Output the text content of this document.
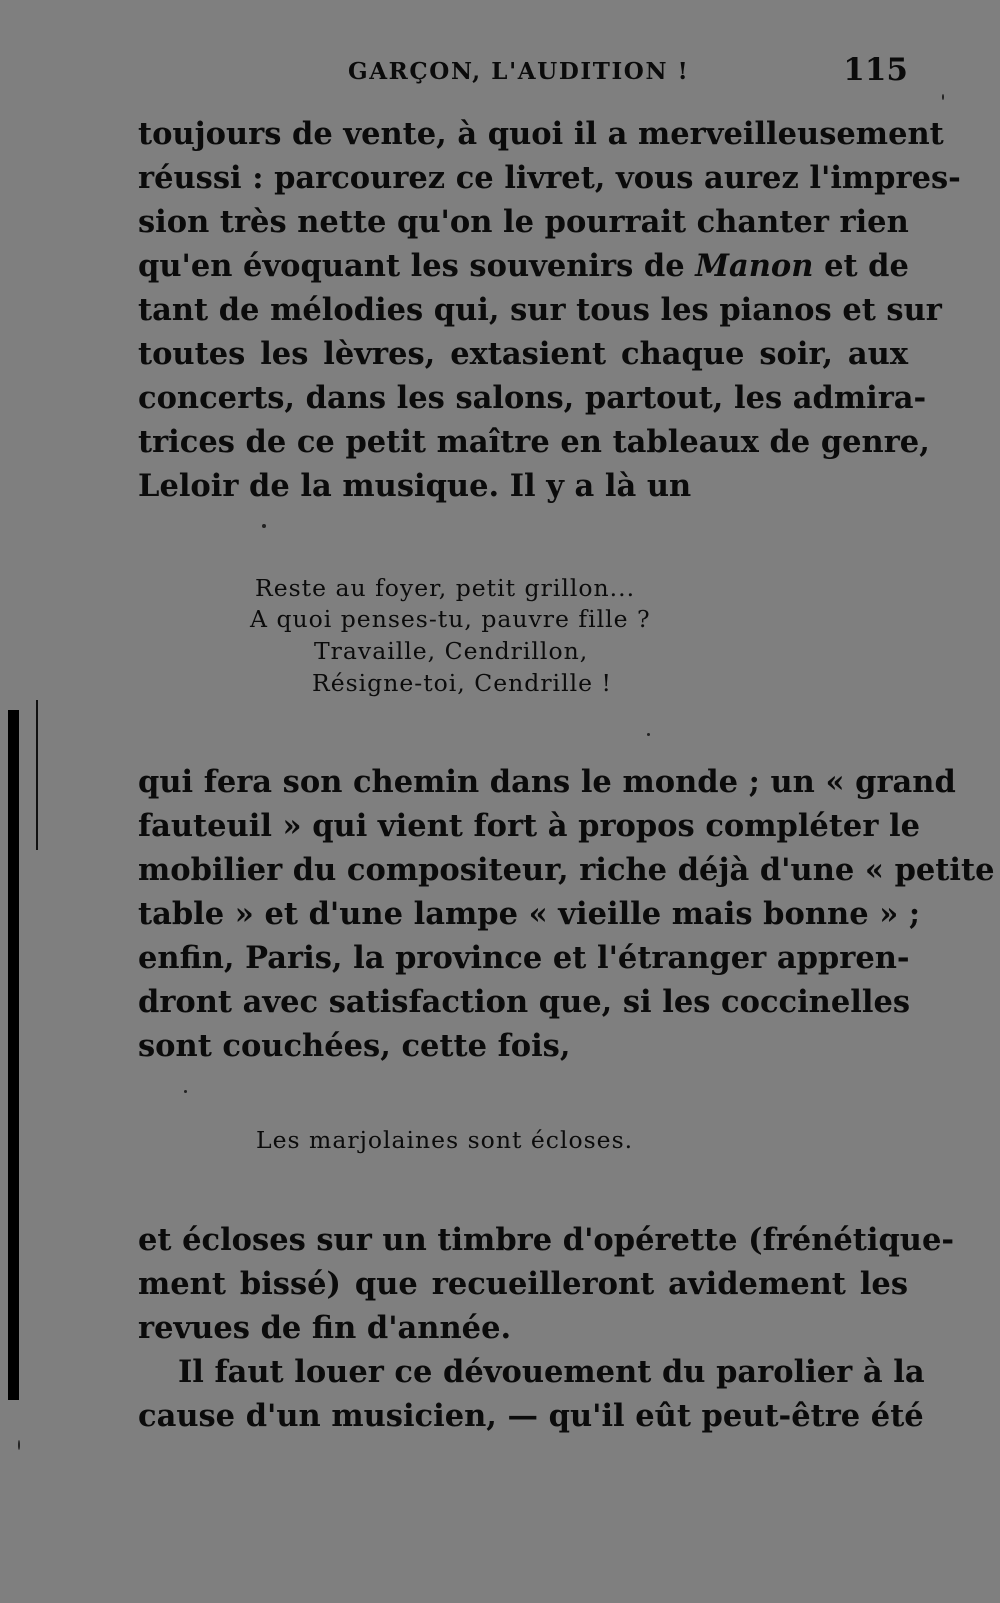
GARÇON, L'AUDITION !	115
toujours de vente, à quoi il a merveilleusement
réussi : parcourez ce livret, vous aurez l'impres-
sion très nette qu'on le pourrait chanter rien
qu'en évoquant les souvenirs de Manon et de
tant de mélodies qui, sur tous les pianos et sur
toutes les lèvres, extasient chaque soir, aux
concerts, dans les salons, partout, les admira-
trices de ce petit maître en tableaux de genre,
Leloir de la musique. Il y a là un
Reste au foyer, petit grillon...
A quoi penses-tu, pauvre fille ?
Travaille, Cendrillon,
Résigne-toi, Cendrille !
qui fera son chemin dans le monde ; un « grand
fauteuil » qui vient fort à propos compléter le
mobilier du compositeur, riche déjà d'une « petite
table » et d'une lampe « vieille mais bonne » ;
enfin, Paris, la province et l'étranger appren-
dront avec satisfaction que, si les coccinelles
sont couchées, cette fois,
Les marjolaines sont écloses.
et écloses sur un timbre d'opérette (frénétique-
ment bissé) que recueilleront avidement les
revues de fin d'année.
Il faut louer ce dévouement du parolier à la
cause d'un musicien, — qu'il eût peut-être été
